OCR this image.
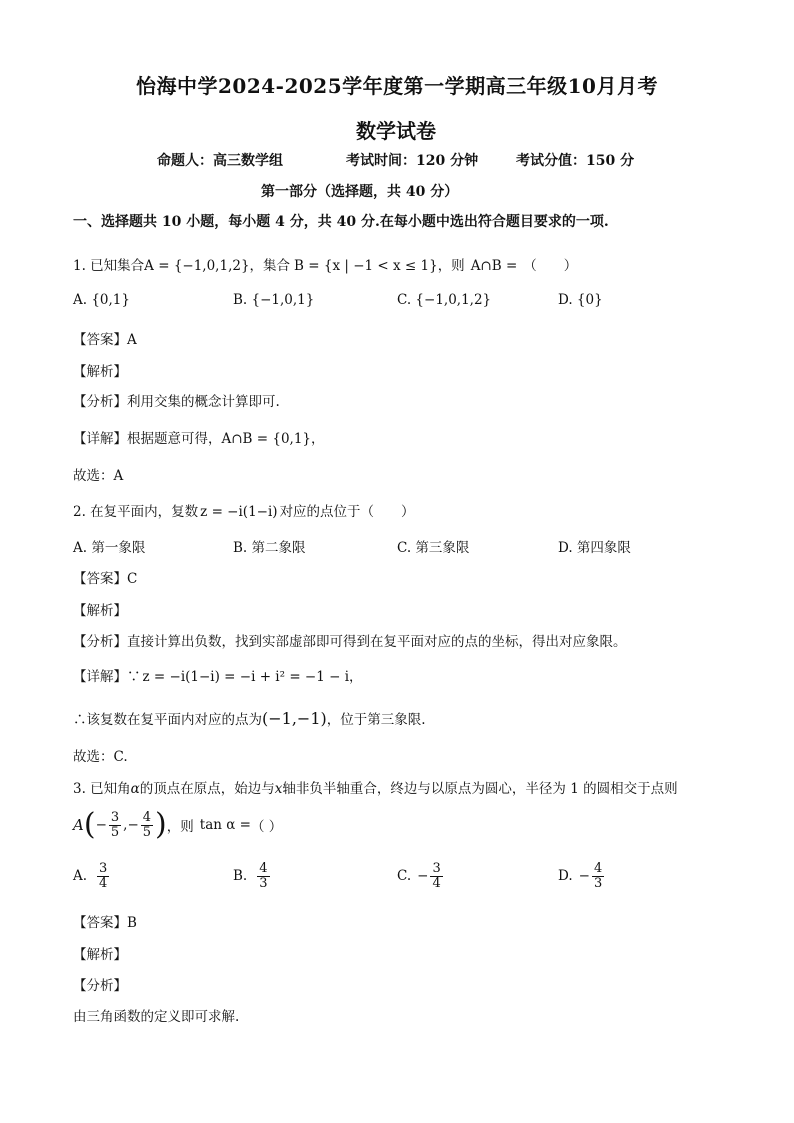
怡海中学2024-2025学年度第一学期高三年级10月月考
数学试卷
命题人：高三数学组	考试时间：120 分钟	考试分值：150 分
第一部分（选择题，共 40 分）
一、选择题共 10 小题，每小题 4 分，共 40 分.在每小题中选出符合题目要求的一项.
1. 已知集合A = {−1,0,1,2}，集合 B = {x | −1 < x ≤ 1}，则 A∩B = （　　）
A. {0,1}	B. {−1,0,1}	C. {−1,0,1,2}	D. {0}
【答案】A
【解析】
【分析】利用交集的概念计算即可.
【详解】根据题意可得，A∩B = {0,1}，
故选：A
2. 在复平面内，复数 z = −i(1−i) 对应的点位于（　　）
A. 第一象限	B. 第二象限	C. 第三象限	D. 第四象限
【答案】C
【解析】
【分析】直接计算出负数，找到实部虚部即可得到在复平面对应的点的坐标，得出对应象限。
【详解】∵ z = −i(1−i) = −i + i² = −1 − i，
∴该复数在复平面内对应的点为(−1,−1)，位于第三象限.
故选：C.
3. 已知角α的顶点在原点，始边与x轴非负半轴重合，终边与以原点为圆心，半径为 1 的圆相交于点则
A ( − $\frac{3}{5}$ , − $\frac{4}{5}$ ) ，则 tan α = （ ）
A. $\frac{3}{4}$	B. $\frac{4}{3}$	C. − $\frac{3}{4}$	D. − $\frac{4}{3}$
【答案】B
【解析】
【分析】
由三角函数的定义即可求解.
